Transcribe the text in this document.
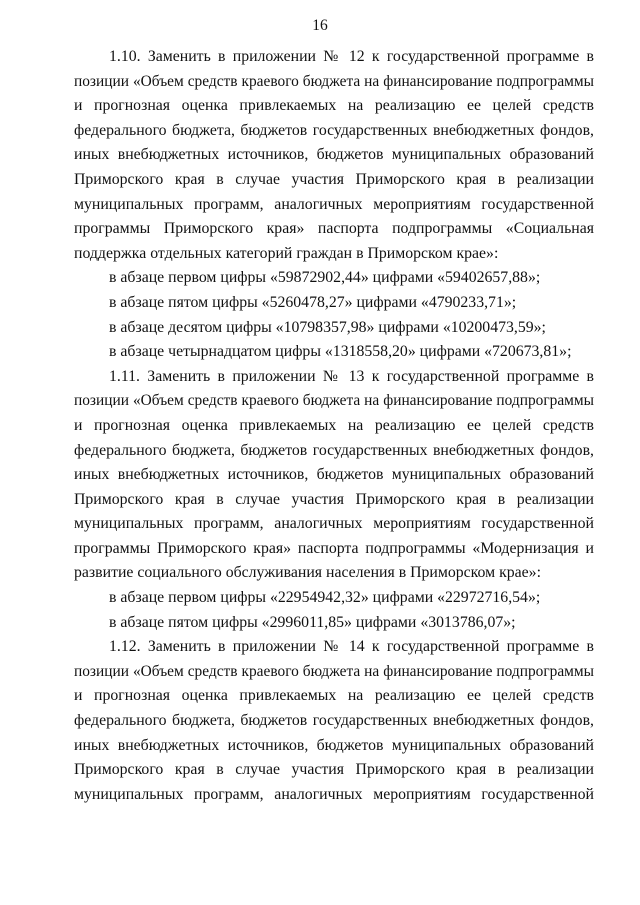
16
1.10. Заменить в приложении № 12 к государственной программе в
позиции «Объем средств краевого бюджета на финансирование подпрограммы
и прогнозная оценка привлекаемых на реализацию ее целей средств
федерального бюджета, бюджетов государственных внебюджетных фондов,
иных внебюджетных источников, бюджетов муниципальных образований
Приморского края в случае участия Приморского края в реализации
муниципальных программ, аналогичных мероприятиям государственной
программы Приморского края» паспорта подпрограммы «Социальная
поддержка отдельных категорий граждан в Приморском крае»:
в абзаце первом цифры «59872902,44» цифрами «59402657,88»;
в абзаце пятом цифры «5260478,27» цифрами «4790233,71»;
в абзаце десятом цифры «10798357,98» цифрами «10200473,59»;
в абзаце четырнадцатом цифры «1318558,20» цифрами «720673,81»;
1.11. Заменить в приложении № 13 к государственной программе в
позиции «Объем средств краевого бюджета на финансирование подпрограммы
и прогнозная оценка привлекаемых на реализацию ее целей средств
федерального бюджета, бюджетов государственных внебюджетных фондов,
иных внебюджетных источников, бюджетов муниципальных образований
Приморского края в случае участия Приморского края в реализации
муниципальных программ, аналогичных мероприятиям государственной
программы Приморского края» паспорта подпрограммы «Модернизация и
развитие социального обслуживания населения в Приморском крае»:
в абзаце первом цифры «22954942,32» цифрами «22972716,54»;
в абзаце пятом цифры «2996011,85» цифрами «3013786,07»;
1.12. Заменить в приложении № 14 к государственной программе в
позиции «Объем средств краевого бюджета на финансирование подпрограммы
и прогнозная оценка привлекаемых на реализацию ее целей средств
федерального бюджета, бюджетов государственных внебюджетных фондов,
иных внебюджетных источников, бюджетов муниципальных образований
Приморского края в случае участия Приморского края в реализации
муниципальных программ, аналогичных мероприятиям государственной
